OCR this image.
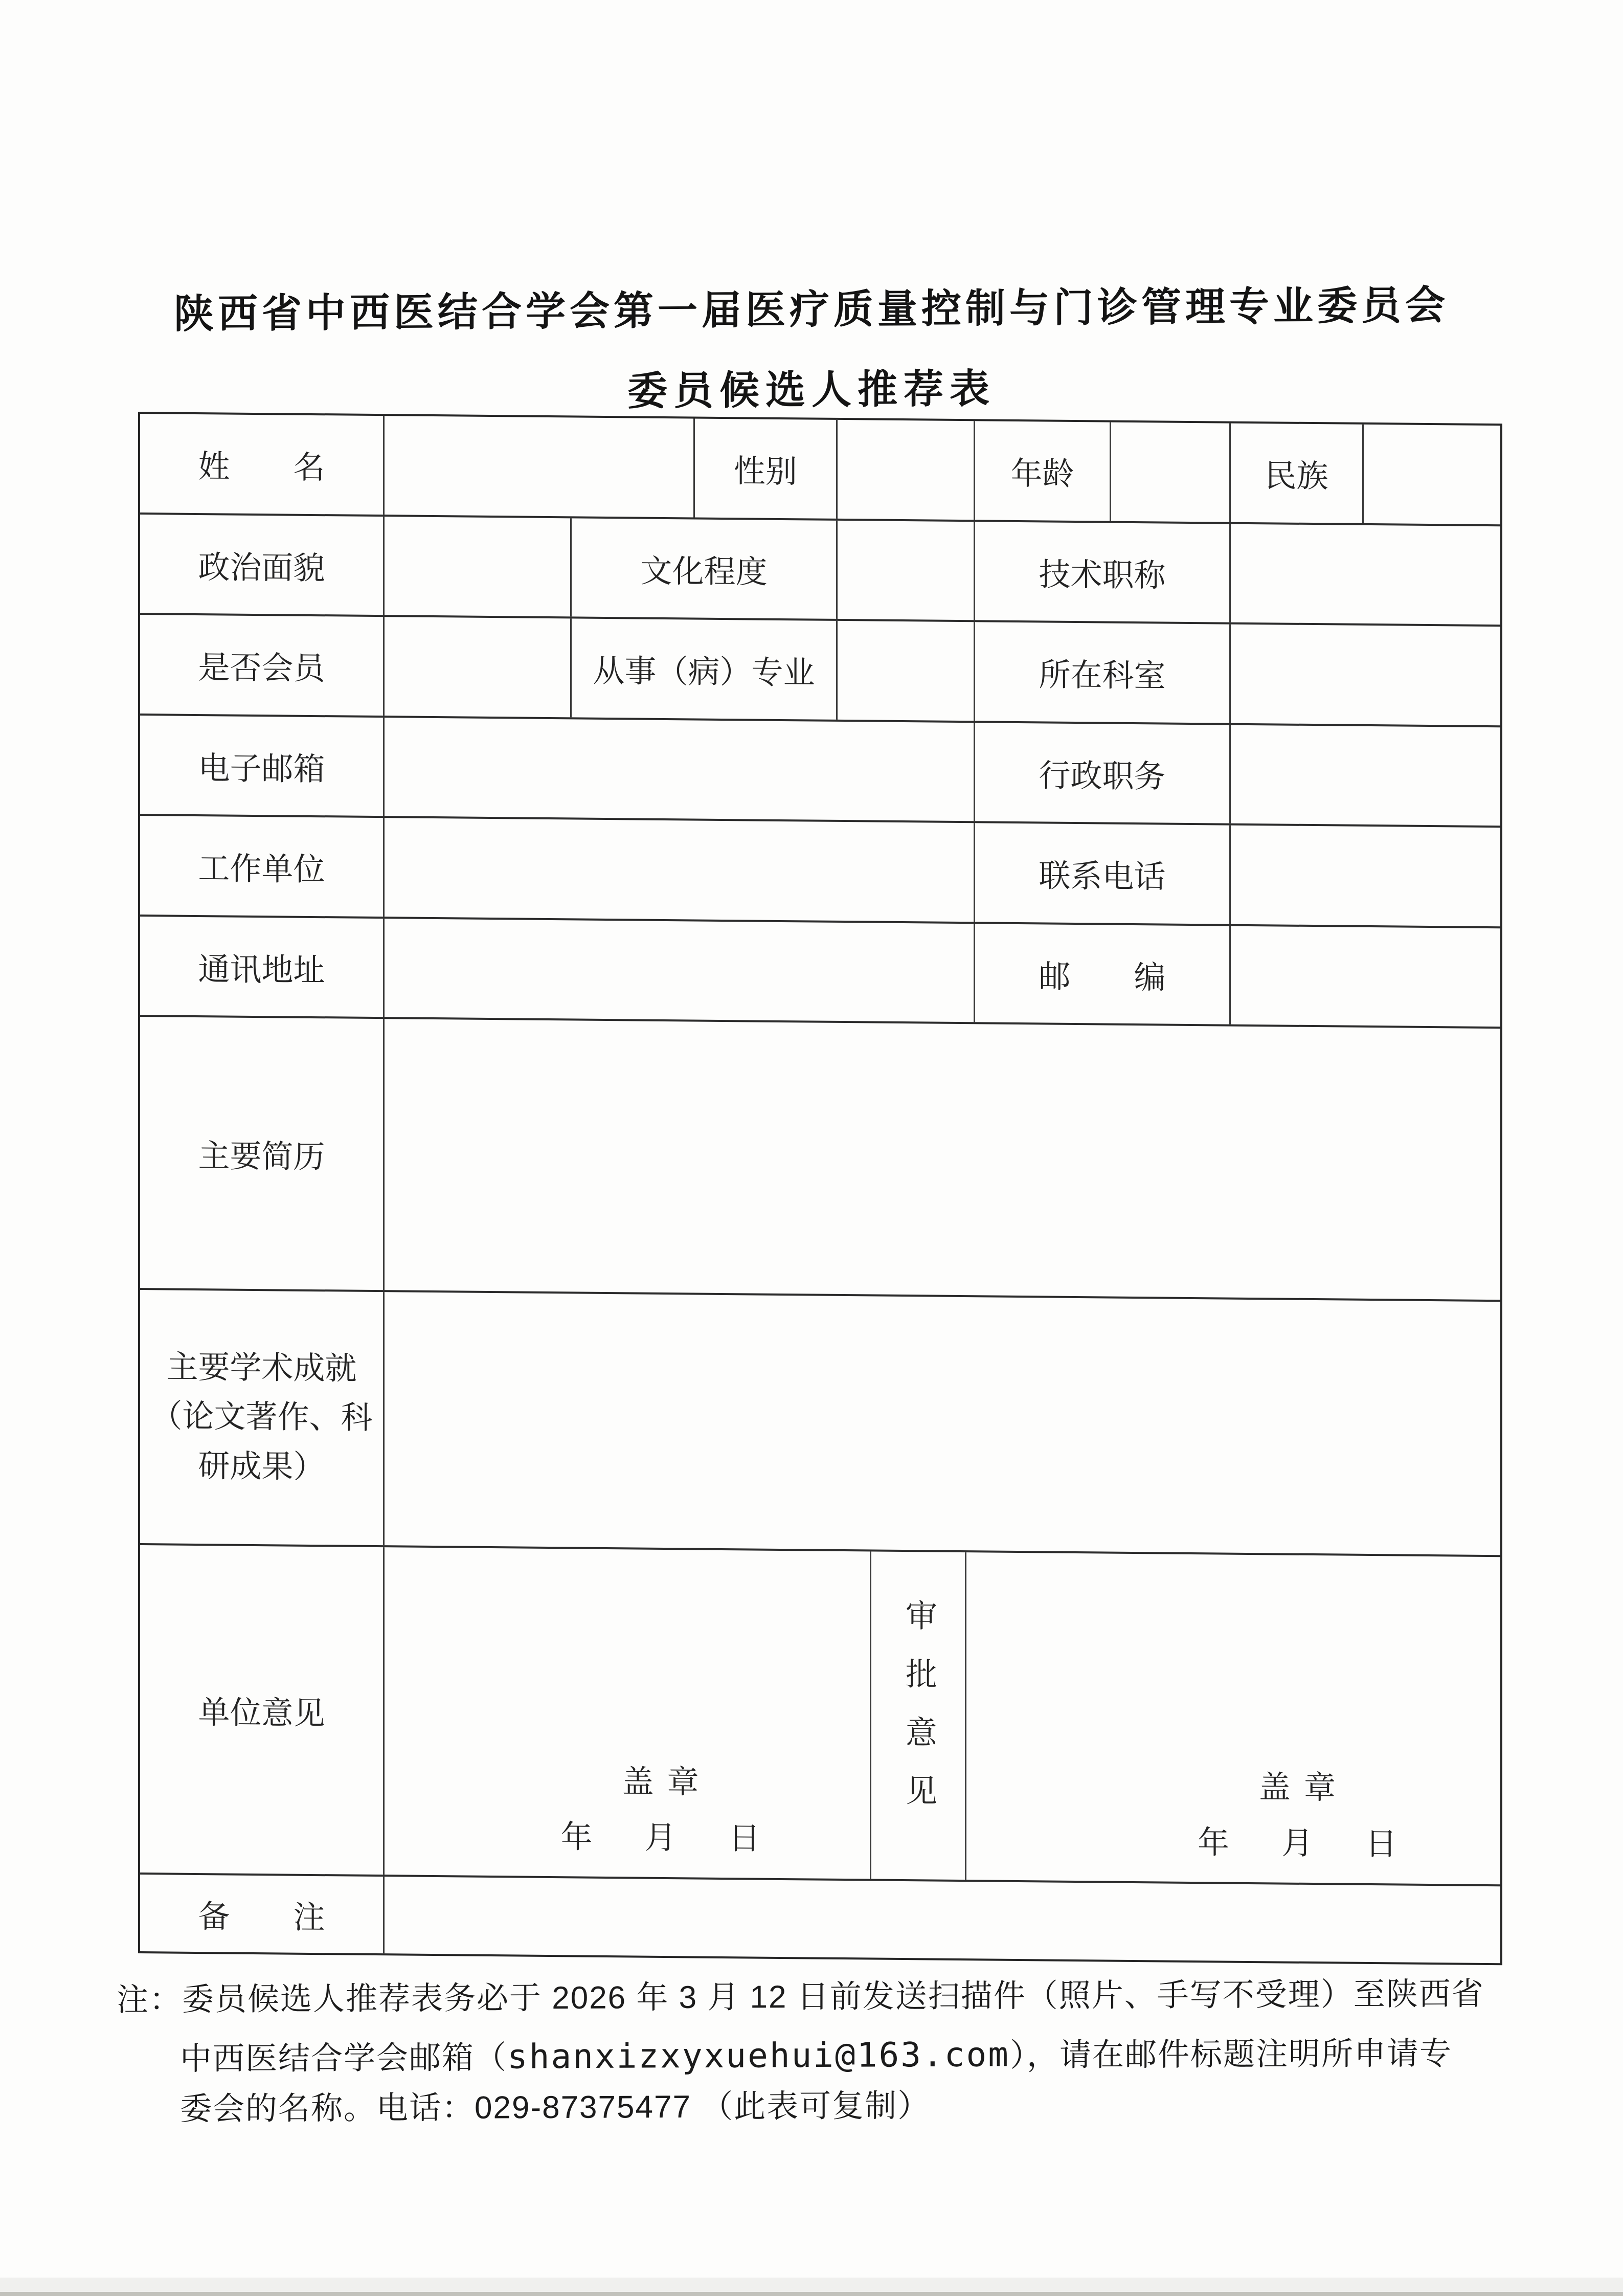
陕西省中西医结合学会第一届医疗质量控制与门诊管理专业委员会
委员候选人推荐表
姓　　名	性别	年龄	民族
政治面貌	文化程度	技术职称
是否会员	从事（病）专业	所在科室
电子邮箱	行政职务
工作单位	联系电话
通讯地址	邮　　编
主要简历
主要学术成就
（论文著作、科
研成果）
单位意见
盖章
年　月　日
审批意见	盖章
年　月　日
备　　注
注：委员候选人推荐表务必于 2026 年 3 月 12 日前发送扫描件（照片、手写不受理）至陕西省
中西医结合学会邮箱（shanxizxyxuehui@163.com），请在邮件标题注明所申请专
委会的名称。电话：029-87375477 （此表可复制）
